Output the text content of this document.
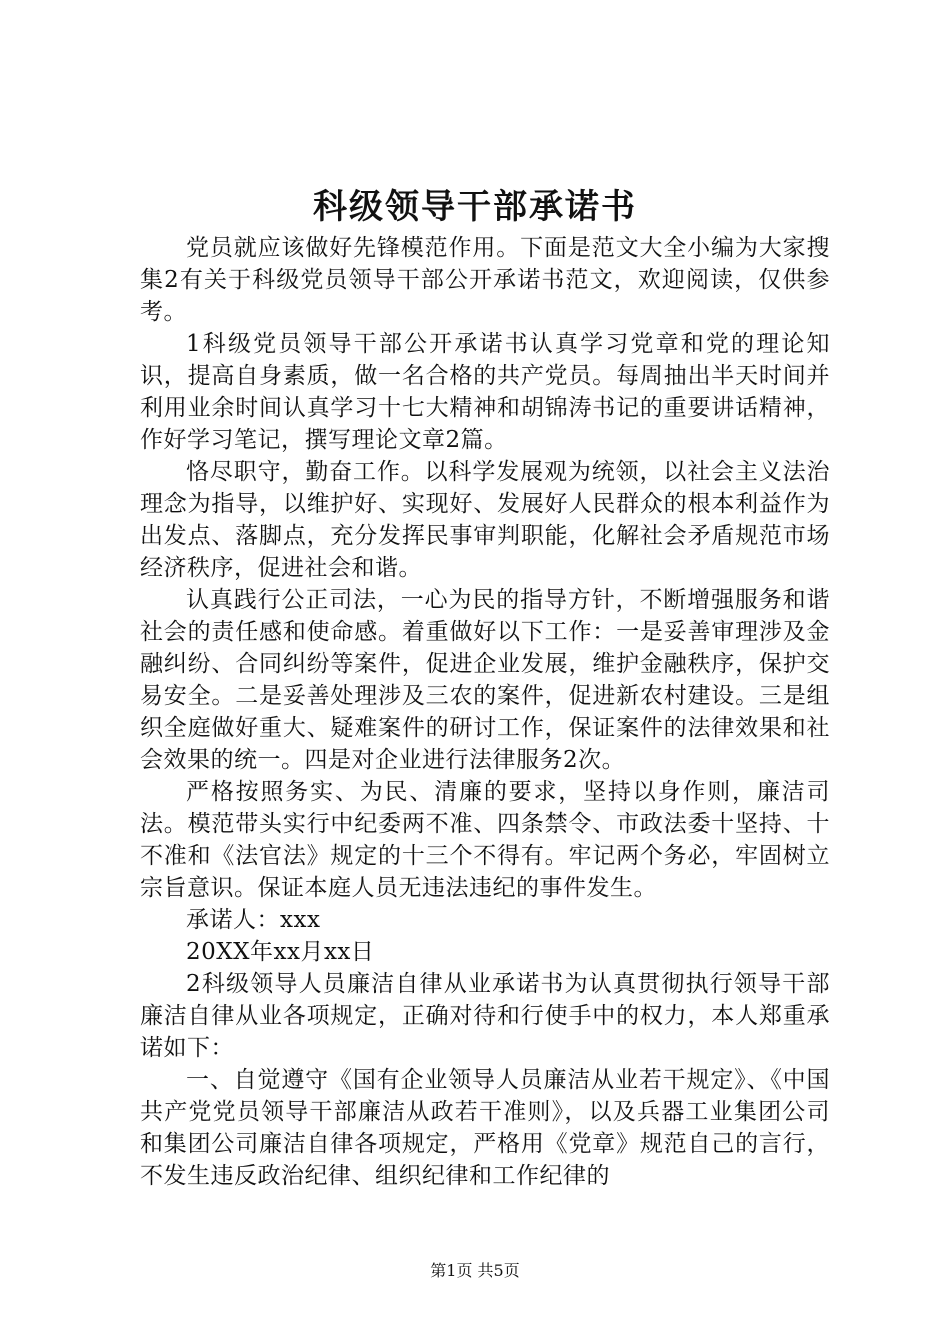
科级领导干部承诺书

党员就应该做好先锋模范作用。下面是范文大全小编为大家搜集2有关于科级党员领导干部公开承诺书范文，欢迎阅读，仅供参考。

1科级党员领导干部公开承诺书认真学习党章和党的理论知识，提高自身素质，做一名合格的共产党员。每周抽出半天时间并利用业余时间认真学习十七大精神和胡锦涛书记的重要讲话精神，作好学习笔记，撰写理论文章2篇。

恪尽职守，勤奋工作。以科学发展观为统领，以社会主义法治理念为指导，以维护好、实现好、发展好人民群众的根本利益作为出发点、落脚点，充分发挥民事审判职能，化解社会矛盾规范市场经济秩序，促进社会和谐。

认真践行公正司法，一心为民的指导方针，不断增强服务和谐社会的责任感和使命感。着重做好以下工作：一是妥善审理涉及金融纠纷、合同纠纷等案件，促进企业发展，维护金融秩序，保护交易安全。二是妥善处理涉及三农的案件，促进新农村建设。三是组织全庭做好重大、疑难案件的研讨工作，保证案件的法律效果和社会效果的统一。四是对企业进行法律服务2次。

严格按照务实、为民、清廉的要求，坚持以身作则，廉洁司法。模范带头实行中纪委两不准、四条禁令、市政法委十坚持、十不准和《法官法》规定的十三个不得有。牢记两个务必，牢固树立宗旨意识。保证本庭人员无违法违纪的事件发生。

承诺人：xxx

20XX年xx月xx日

2科级领导人员廉洁自律从业承诺书为认真贯彻执行领导干部廉洁自律从业各项规定，正确对待和行使手中的权力，本人郑重承诺如下：

一、自觉遵守《国有企业领导人员廉洁从业若干规定》、《中国共产党党员领导干部廉洁从政若干准则》，以及兵器工业集团公司和集团公司廉洁自律各项规定，严格用《党章》规范自己的言行，不发生违反政治纪律、组织纪律和工作纪律的

第1页 共5页
